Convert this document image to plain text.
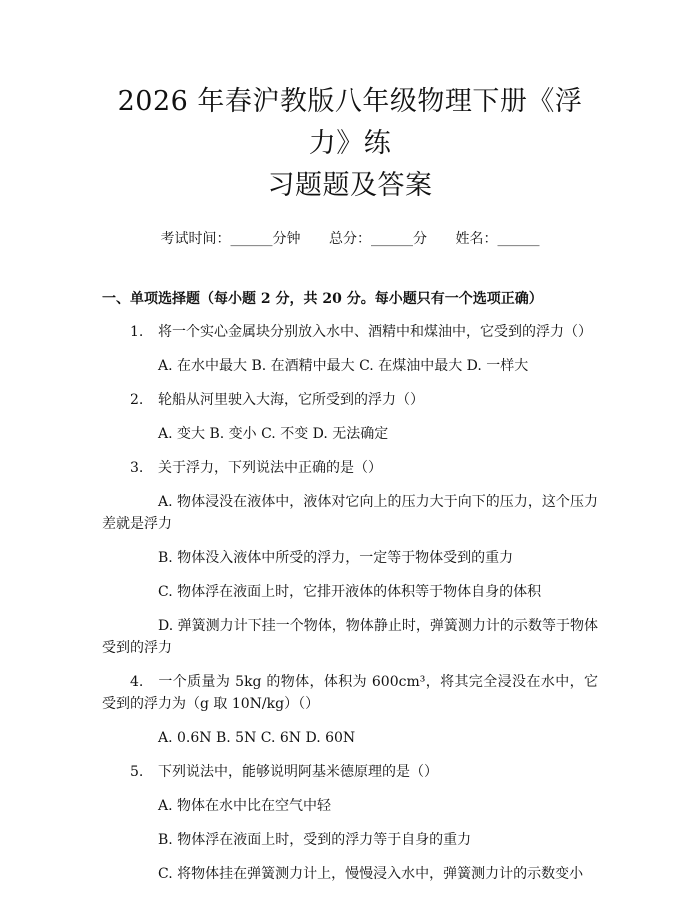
2026 年春沪教版八年级物理下册《浮力》练
习题题及答案
考试时间：______分钟 总分：______分 姓名：______
一、单项选择题（每小题 2 分，共 20 分。每小题只有一个选项正确）
1. 将一个实心金属块分别放入水中、酒精中和煤油中，它受到的浮力（）
A. 在水中最大 B. 在酒精中最大 C. 在煤油中最大 D. 一样大
2. 轮船从河里驶入大海，它所受到的浮力（）
A. 变大 B. 变小 C. 不变 D. 无法确定
3. 关于浮力，下列说法中正确的是（）
A. 物体浸没在液体中，液体对它向上的压力大于向下的压力，这个压力差就是浮力
B. 物体没入液体中所受的浮力，一定等于物体受到的重力
C. 物体浮在液面上时，它排开液体的体积等于物体自身的体积
D. 弹簧测力计下挂一个物体，物体静止时，弹簧测力计的示数等于物体受到的浮力
4. 一个质量为 5kg 的物体，体积为 600cm³，将其完全浸没在水中，它受到的浮力为（g 取 10N/kg）（）
A. 0.6N B. 5N C. 6N D. 60N
5. 下列说法中，能够说明阿基米德原理的是（）
A. 物体在水中比在空气中轻
B. 物体浮在液面上时，受到的浮力等于自身的重力
C. 将物体挂在弹簧测力计上，慢慢浸入水中，弹簧测力计的示数变小
